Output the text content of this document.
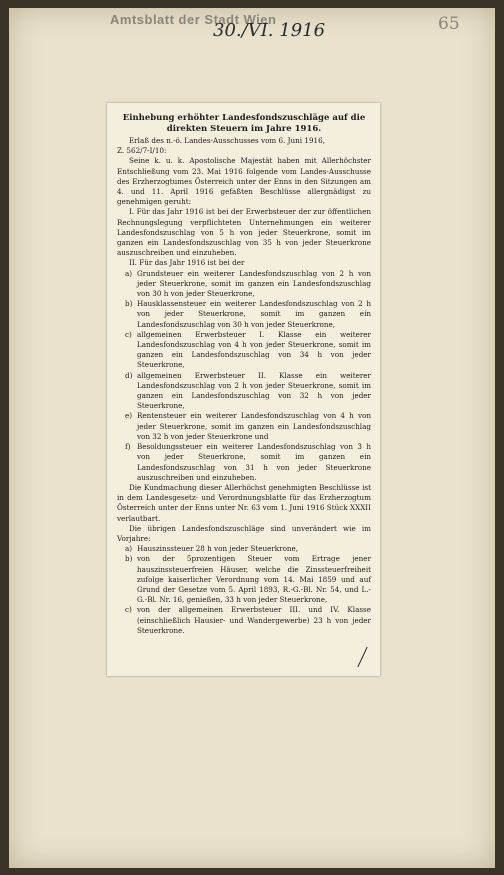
Amtsblatt der Stadt Wien
30./VI. 1916	65
Einhebung erhöhter Landesfondszuschläge auf die
direkten Steuern im Jahre 1916.

Erlaß des n.-ö. Landes-Ausschusses vom 6. Juni 1916,

Z. 562/7-I/10:

Seine k. u. k. Apostolische Majestät haben mit Allerhöchster Entschließung vom 23. Mai 1916 folgende vom Landes-Ausschusse des Erzherzogtumes Österreich unter der Enns in den Sitzungen am 4. und 11. April 1916 gefaßten Beschlüsse allergnädigst zu genehmigen geruht:

I. Für das Jahr 1916 ist bei der Erwerbsteuer der zur öffentlichen Rechnungslegung verpflichteten Unternehmungen ein weiterer Landesfondszuschlag von 5 h von jeder Steuerkrone, somit im ganzen ein Landesfondszuschlag von 35 h von jeder Steuerkrone auszuschreiben und einzuheben.

II. Für das Jahr 1916 ist bei der

a) Grundsteuer ein weiterer Landesfondszuschlag von 2 h von jeder Steuerkrone, somit im ganzen ein Landesfondszuschlag von 30 h von jeder Steuerkrone,

b) Hausklassensteuer ein weiterer Landesfondszuschlag von 2 h von jeder Steuerkrone, somit im ganzen ein Landesfondszuschlag von 30 h von jeder Steuerkrone,

c) allgemeinen Erwerbsteuer I. Klasse ein weiterer Landesfondszuschlag von 4 h von jeder Steuerkrone, somit im ganzen ein Landesfondszuschlag von 34 h von jeder Steuerkrone,

d) allgemeinen Erwerbsteuer II. Klasse ein weiterer Landesfondszuschlag von 2 h von jeder Steuerkrone, somit im ganzen ein Landesfondszuschlag von 32 h von jeder Steuerkrone,

e) Rentensteuer ein weiterer Landesfondszuschlag von 4 h von jeder Steuerkrone, somit im ganzen ein Landesfondszuschlag von 32 h von jeder Steuerkrone und

f) Besoldungssteuer ein weiterer Landesfondszuschlag von 3 h von jeder Steuerkrone, somit im ganzen ein Landesfondszuschlag von 31 h von jeder Steuerkrone auszuschreiben und einzuheben.

Die Kundmachung dieser Allerhöchst genehmigten Beschlüsse ist in dem Landesgesetz- und Verordnungsblatte für das Erzherzogtum Österreich unter der Enns unter Nr. 63 vom 1. Juni 1916 Stück XXXII verlautbart.

Die übrigen Landesfondszuschläge sind unverändert wie im Vorjahre:

a) Hauszinssteuer 28 h von jeder Steuerkrone,

b) von der 5prozentigen Steuer vom Ertrage jener hauszinssteuerfreien Häuser, welche die Zinssteuerfreiheit zufolge kaiserlicher Verordnung vom 14. Mai 1859 und auf Grund der Gesetze vom 5. April 1893, R.-G.-Bl. Nr. 54, und L.-G.-Bl. Nr. 16, genießen, 33 h von jeder Steuerkrone,

c) von der allgemeinen Erwerbsteuer III. und IV. Klasse (einschließlich Hausier- und Wandergewerbe) 23 h von jeder Steuerkrone.
